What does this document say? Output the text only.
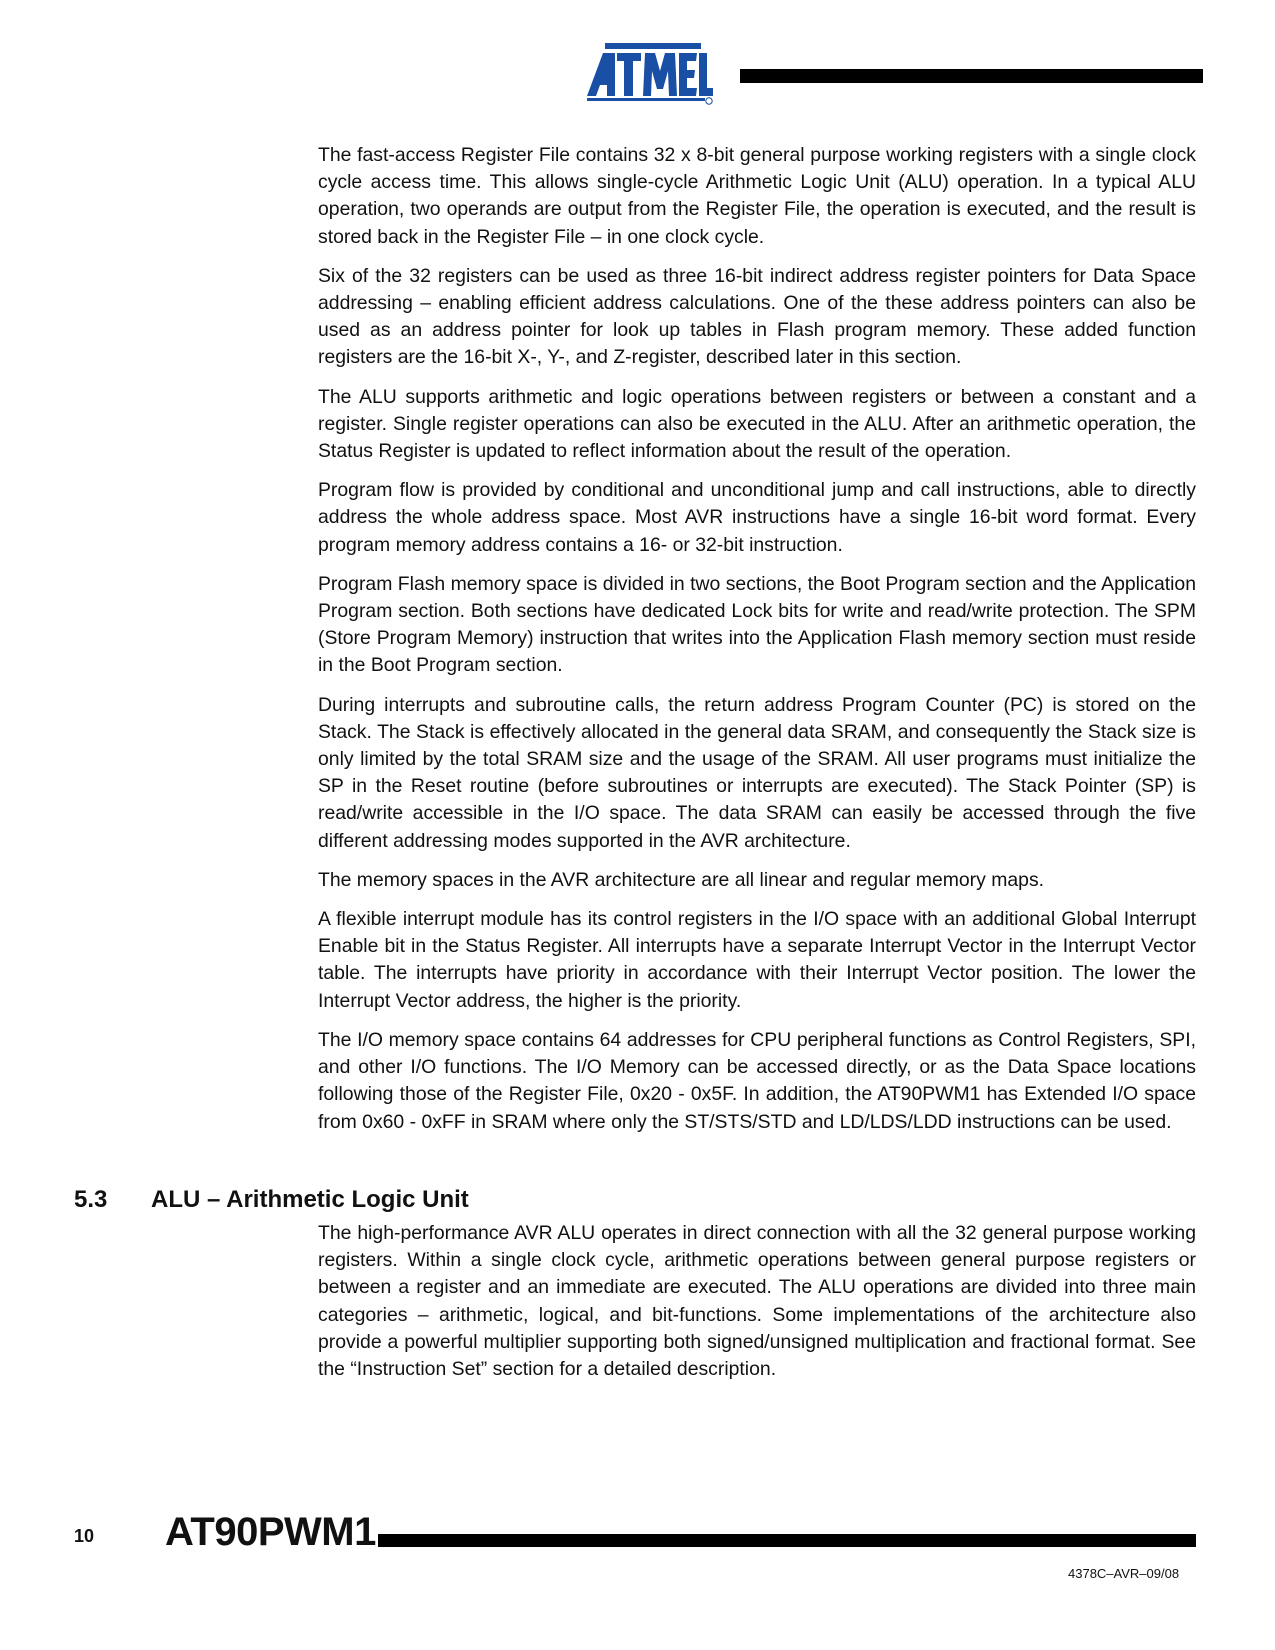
The fast-access Register File contains 32 x 8-bit general purpose working registers with a single clock cycle access time. This allows single-cycle Arithmetic Logic Unit (ALU) operation. In a typical ALU operation, two operands are output from the Register File, the operation is executed, and the result is stored back in the Register File – in one clock cycle.

Six of the 32 registers can be used as three 16-bit indirect address register pointers for Data Space addressing – enabling efficient address calculations. One of the these address pointers can also be used as an address pointer for look up tables in Flash program memory. These added function registers are the 16-bit X-, Y-, and Z-register, described later in this section.

The ALU supports arithmetic and logic operations between registers or between a constant and a register. Single register operations can also be executed in the ALU. After an arithmetic operation, the Status Register is updated to reflect information about the result of the operation.

Program flow is provided by conditional and unconditional jump and call instructions, able to directly address the whole address space. Most AVR instructions have a single 16-bit word format. Every program memory address contains a 16- or 32-bit instruction.

Program Flash memory space is divided in two sections, the Boot Program section and the Application Program section. Both sections have dedicated Lock bits for write and read/write protection. The SPM (Store Program Memory) instruction that writes into the Application Flash memory section must reside in the Boot Program section.

During interrupts and subroutine calls, the return address Program Counter (PC) is stored on the Stack. The Stack is effectively allocated in the general data SRAM, and consequently the Stack size is only limited by the total SRAM size and the usage of the SRAM. All user programs must initialize the SP in the Reset routine (before subroutines or interrupts are executed). The Stack Pointer (SP) is read/write accessible in the I/O space. The data SRAM can easily be accessed through the five different addressing modes supported in the AVR architecture.

The memory spaces in the AVR architecture are all linear and regular memory maps.

A flexible interrupt module has its control registers in the I/O space with an additional Global Interrupt Enable bit in the Status Register. All interrupts have a separate Interrupt Vector in the Interrupt Vector table. The interrupts have priority in accordance with their Interrupt Vector position. The lower the Interrupt Vector address, the higher is the priority.

The I/O memory space contains 64 addresses for CPU peripheral functions as Control Registers, SPI, and other I/O functions. The I/O Memory can be accessed directly, or as the Data Space locations following those of the Register File, 0x20 - 0x5F. In addition, the AT90PWM1 has Extended I/O space from 0x60 - 0xFF in SRAM where only the ST/STS/STD and LD/LDS/LDD instructions can be used.

5.3 ALU – Arithmetic Logic Unit

The high-performance AVR ALU operates in direct connection with all the 32 general purpose working registers. Within a single clock cycle, arithmetic operations between general purpose registers or between a register and an immediate are executed. The ALU operations are divided into three main categories – arithmetic, logical, and bit-functions. Some implementations of the architecture also provide a powerful multiplier supporting both signed/unsigned multiplication and fractional format. See the “Instruction Set” section for a detailed description.

10 AT90PWM1
4378C–AVR–09/08
